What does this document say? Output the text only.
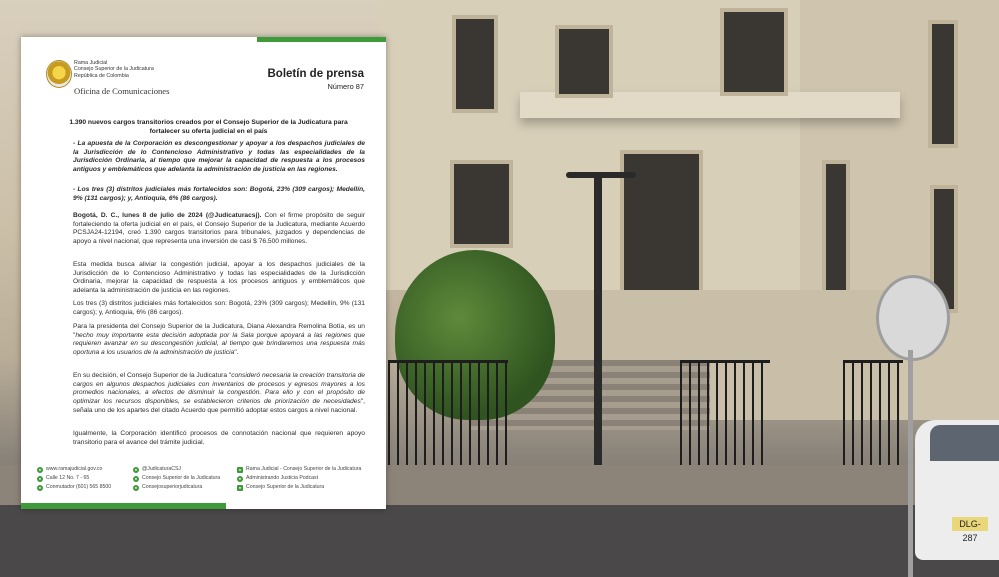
DLG-287
Rama Judicial
Consejo Superior de la Judicatura
República de Colombia
Oficina de Comunicaciones
Boletín de prensa
Número 87
1.390 nuevos cargos transitorios creados por el Consejo Superior de la Judicatura para fortalecer su oferta judicial en el país
- La apuesta de la Corporación es descongestionar y apoyar a los despachos judiciales de la Jurisdicción de lo Contencioso Administrativo y todas las especialidades de la Jurisdicción Ordinaria, al tiempo que mejorar la capacidad de respuesta a los procesos antiguos y emblemáticos que adelanta la administración de justicia en las regiones.
- Los tres (3) distritos judiciales más fortalecidos son: Bogotá, 23% (309 cargos); Medellín, 9% (131 cargos); y, Antioquia, 6% (86 cargos).
Bogotá, D. C., lunes 8 de julio de 2024 (@Judicaturacsj). Con el firme propósito de seguir fortaleciendo la oferta judicial en el país, el Consejo Superior de la Judicatura, mediante Acuerdo PCSJA24-12194, creó 1.390 cargos transitorios para tribunales, juzgados y dependencias de apoyo a nivel nacional, que representa una inversión de casi $ 76.500 millones.
Esta medida busca aliviar la congestión judicial, apoyar a los despachos judiciales de la Jurisdicción de lo Contencioso Administrativo y todas las especialidades de la Jurisdicción Ordinaria, mejorar la capacidad de respuesta a los procesos antiguos y emblemáticos que adelanta la administración de justicia en las regiones.
Los tres (3) distritos judiciales más fortalecidos son: Bogotá, 23% (309 cargos); Medellín, 9% (131 cargos); y, Antioquia, 6% (86 cargos).
Para la presidenta del Consejo Superior de la Judicatura, Diana Alexandra Remolina Botía, es un "hecho muy importante esta decisión adoptada por la Sala porque apoyará a las regiones que requieren avanzar en su descongestión judicial, al tiempo que brindaremos una respuesta más oportuna a los usuarios de la administración de justicia".
En su decisión, el Consejo Superior de la Judicatura "consideró necesaria la creación transitoria de cargos en algunos despachos judiciales con inventarios de procesos y egresos mayores a los promedios nacionales, a efectos de disminuir la congestión. Para ello y con el propósito de optimizar los recursos disponibles, se establecieron criterios de priorización de necesidades", señala uno de los apartes del citado Acuerdo que permitió adoptar estos cargos a nivel nacional.
Igualmente, la Corporación identificó procesos de connotación nacional que requieren apoyo transitorio para el avance del trámite judicial.
● www.ramajudicial.gov.co
● Calle 12 No. 7 - 65
● Conmutador (601) 565 8500
● @JudicaturaCSJ
● Consejo Superior de la Judicatura
● Consejosuperiorjudicatura
● Rama Judicial - Consejo Superior de la Judicatura
● Administrando Justicia Podcast
● Consejo Superior de la Judicatura
